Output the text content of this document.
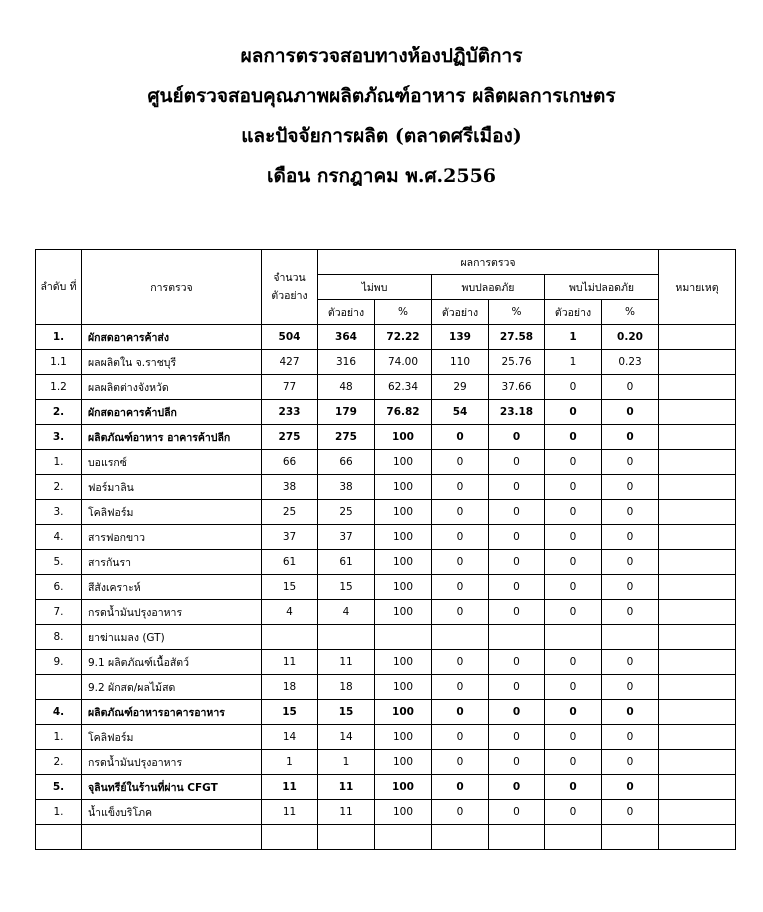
ผลการตรวจสอบทางห้องปฏิบัติการ
ศูนย์ตรวจสอบคุณภาพผลิตภัณฑ์อาหาร ผลิตผลการเกษตร
และปัจจัยการผลิต (ตลาดศรีเมือง)
เดือน กรกฎาคม พ.ศ.2556
ลำดับ ที่	การตรวจ	จำนวน ตัวอย่าง	ผลการตรวจ						หมายเหตุ
			ไม่พบ		พบปลอดภัย		พบไม่ปลอดภัย		
			ตัวอย่าง	%	ตัวอย่าง	%	ตัวอย่าง	%	
1.	ผักสดอาคารค้าส่ง	504	364	72.22	139	27.58	1	0.20	
1.1	ผลผลิตใน จ.ราชบุรี	427	316	74.00	110	25.76	1	0.23	
1.2	ผลผลิตต่างจังหวัด	77	48	62.34	29	37.66	0	0	
2.	ผักสดอาคารค้าปลีก	233	179	76.82	54	23.18	0	0	
3.	ผลิตภัณฑ์อาหาร อาคารค้าปลีก	275	275	100	0	0	0	0	
1.	บอแรกซ์	66	66	100	0	0	0	0	
2.	ฟอร์มาลิน	38	38	100	0	0	0	0	
3.	โคลิฟอร์ม	25	25	100	0	0	0	0	
4.	สารฟอกขาว	37	37	100	0	0	0	0	
5.	สารกันรา	61	61	100	0	0	0	0	
6.	สีสังเคราะห์	15	15	100	0	0	0	0	
7.	กรดน้ำมันปรุงอาหาร	4	4	100	0	0	0	0	
8.	ยาฆ่าแมลง (GT)								
9.	9.1 ผลิตภัณฑ์เนื้อสัตว์	11	11	100	0	0	0	0	
	9.2 ผักสด/ผลไม้สด	18	18	100	0	0	0	0	
4.	ผลิตภัณฑ์อาหารอาคารอาหาร	15	15	100	0	0	0	0	
1.	โคลิฟอร์ม	14	14	100	0	0	0	0	
2.	กรดน้ำมันปรุงอาหาร	1	1	100	0	0	0	0	
5.	จุลินทรีย์ในร้านที่ผ่าน CFGT	11	11	100	0	0	0	0	
1.	น้ำแข็งบริโภค	11	11	100	0	0	0	0	
